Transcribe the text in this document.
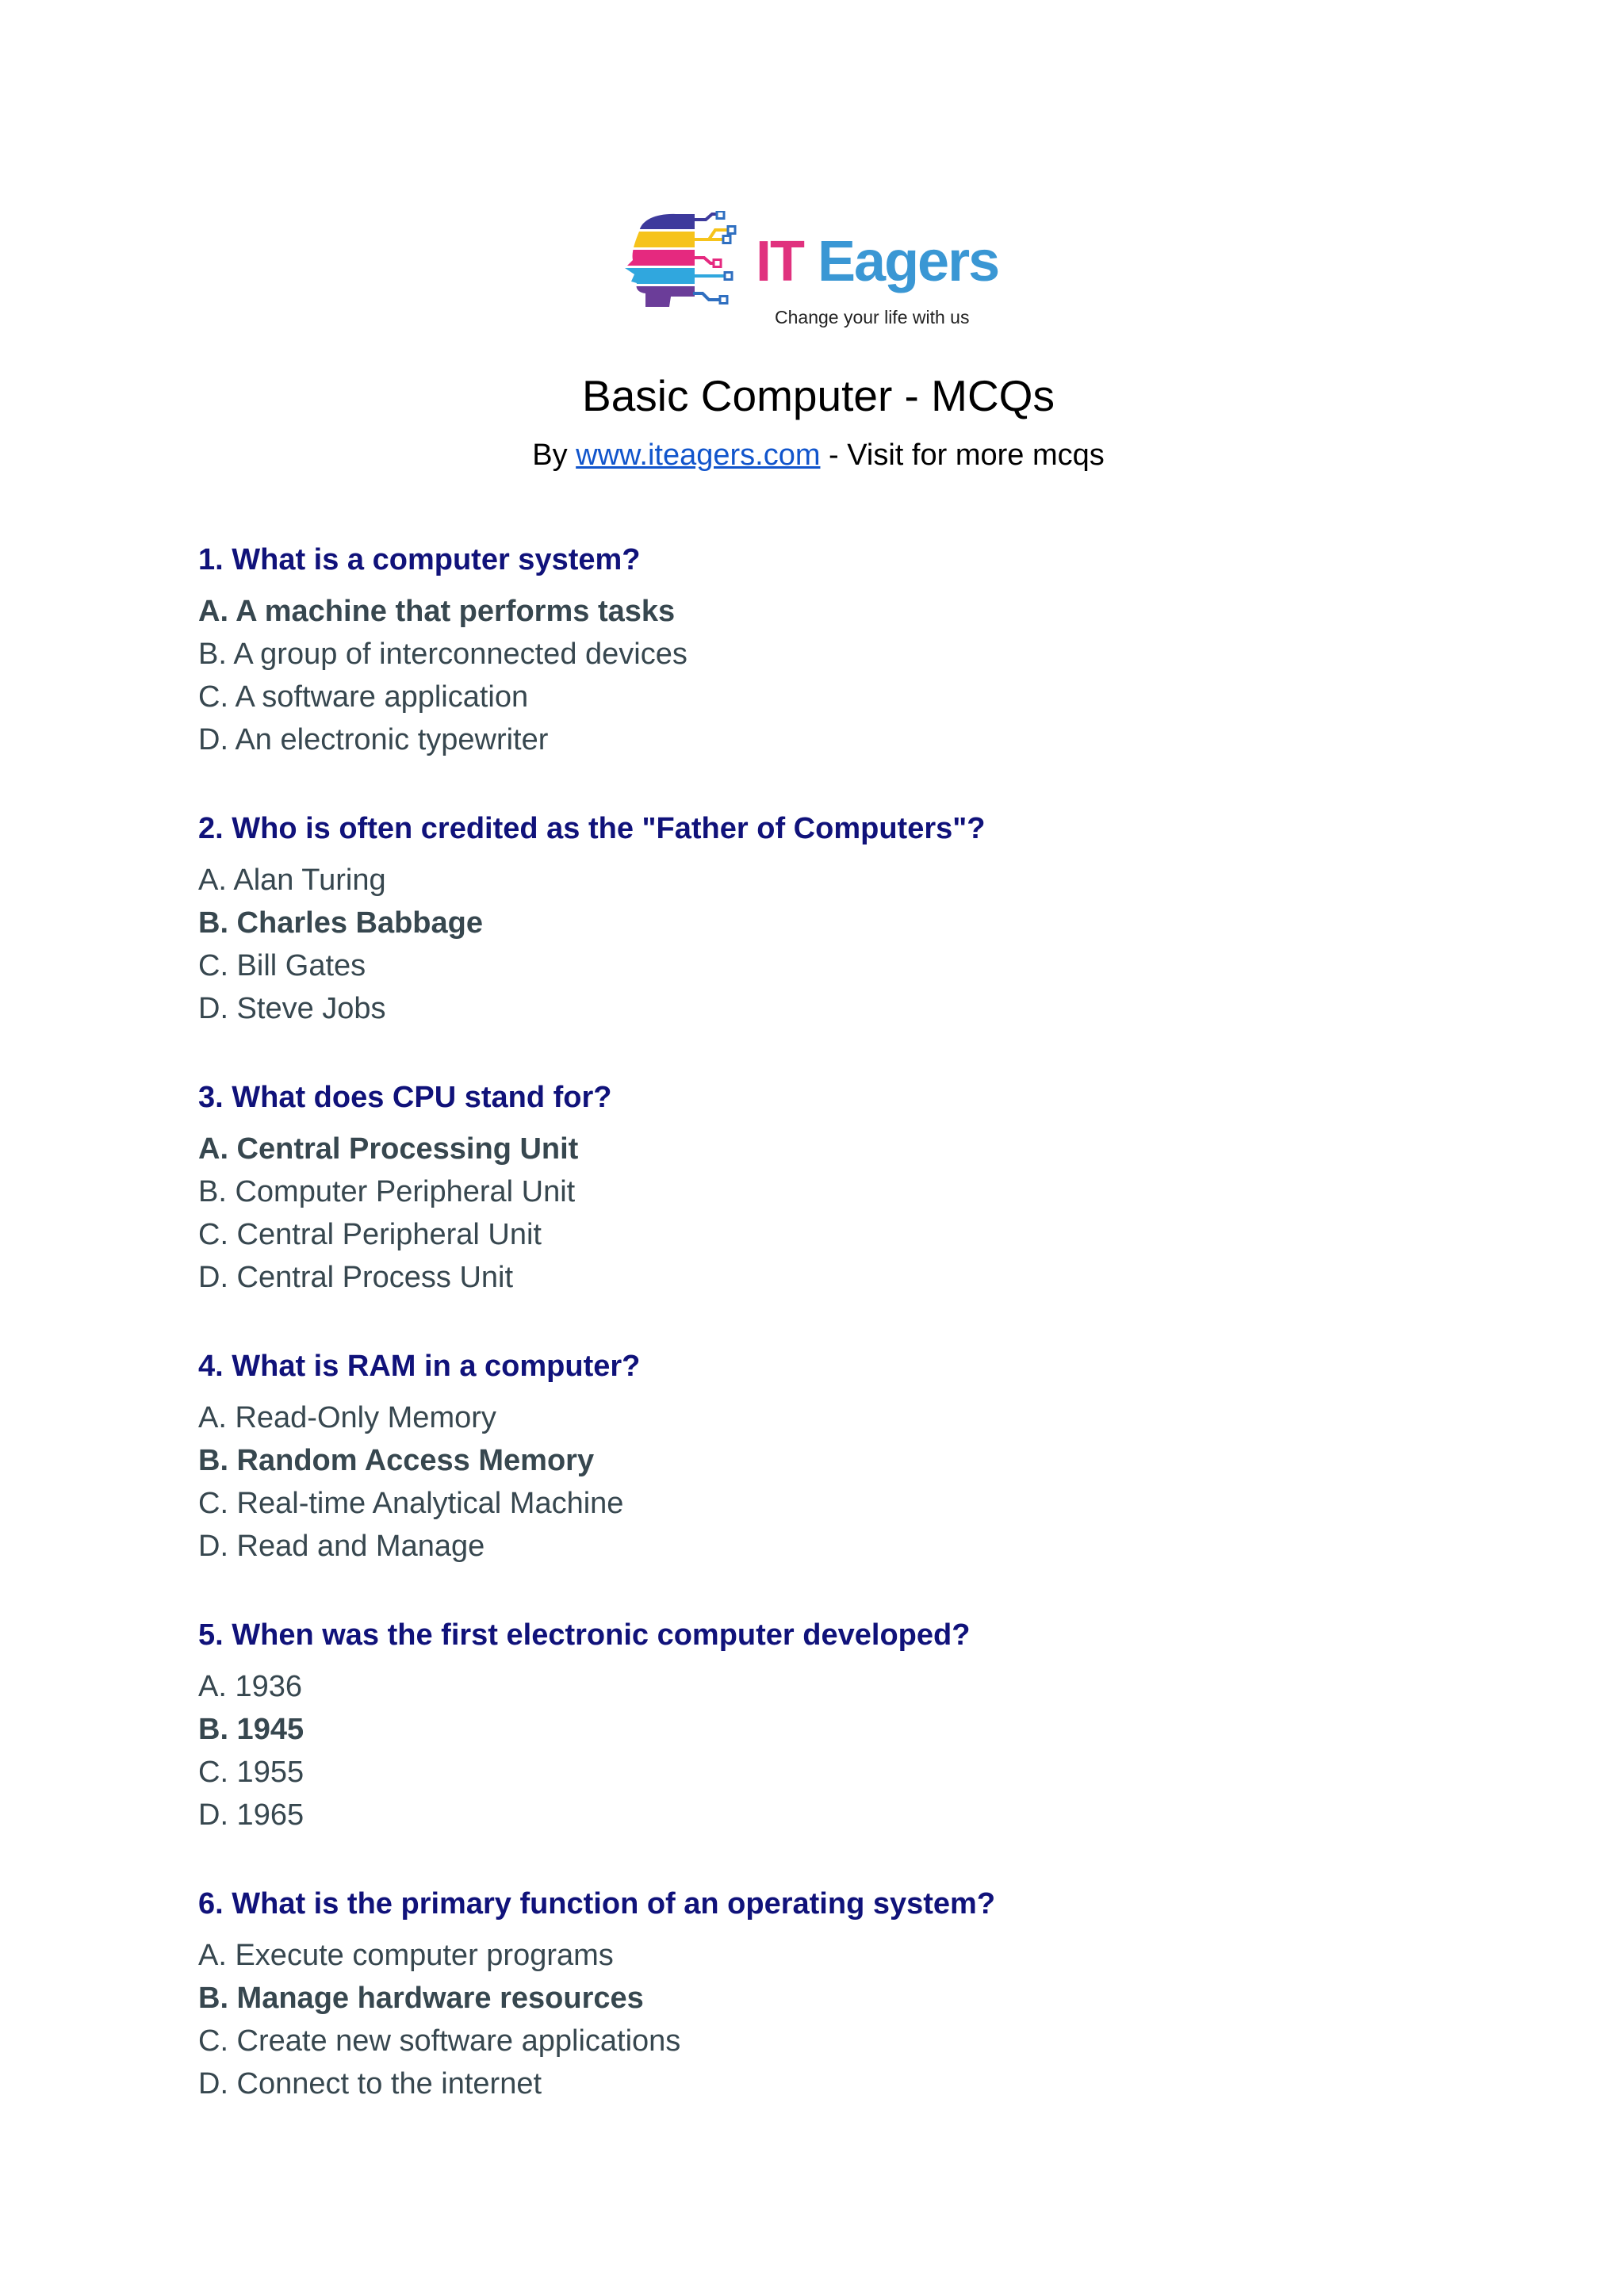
IT Eagers
Change your life with us
Basic Computer - MCQs
By www.iteagers.com - Visit for more mcqs
1. What is a computer system?
A. A machine that performs tasks
B. A group of interconnected devices
C. A software application
D. An electronic typewriter
2. Who is often credited as the "Father of Computers"?
A. Alan Turing
B. Charles Babbage
C. Bill Gates
D. Steve Jobs
3. What does CPU stand for?
A. Central Processing Unit
B. Computer Peripheral Unit
C. Central Peripheral Unit
D. Central Process Unit
4. What is RAM in a computer?
A. Read-Only Memory
B. Random Access Memory
C. Real-time Analytical Machine
D. Read and Manage
5. When was the first electronic computer developed?
A. 1936
B. 1945
C. 1955
D. 1965
6. What is the primary function of an operating system?
A. Execute computer programs
B. Manage hardware resources
C. Create new software applications
D. Connect to the internet
